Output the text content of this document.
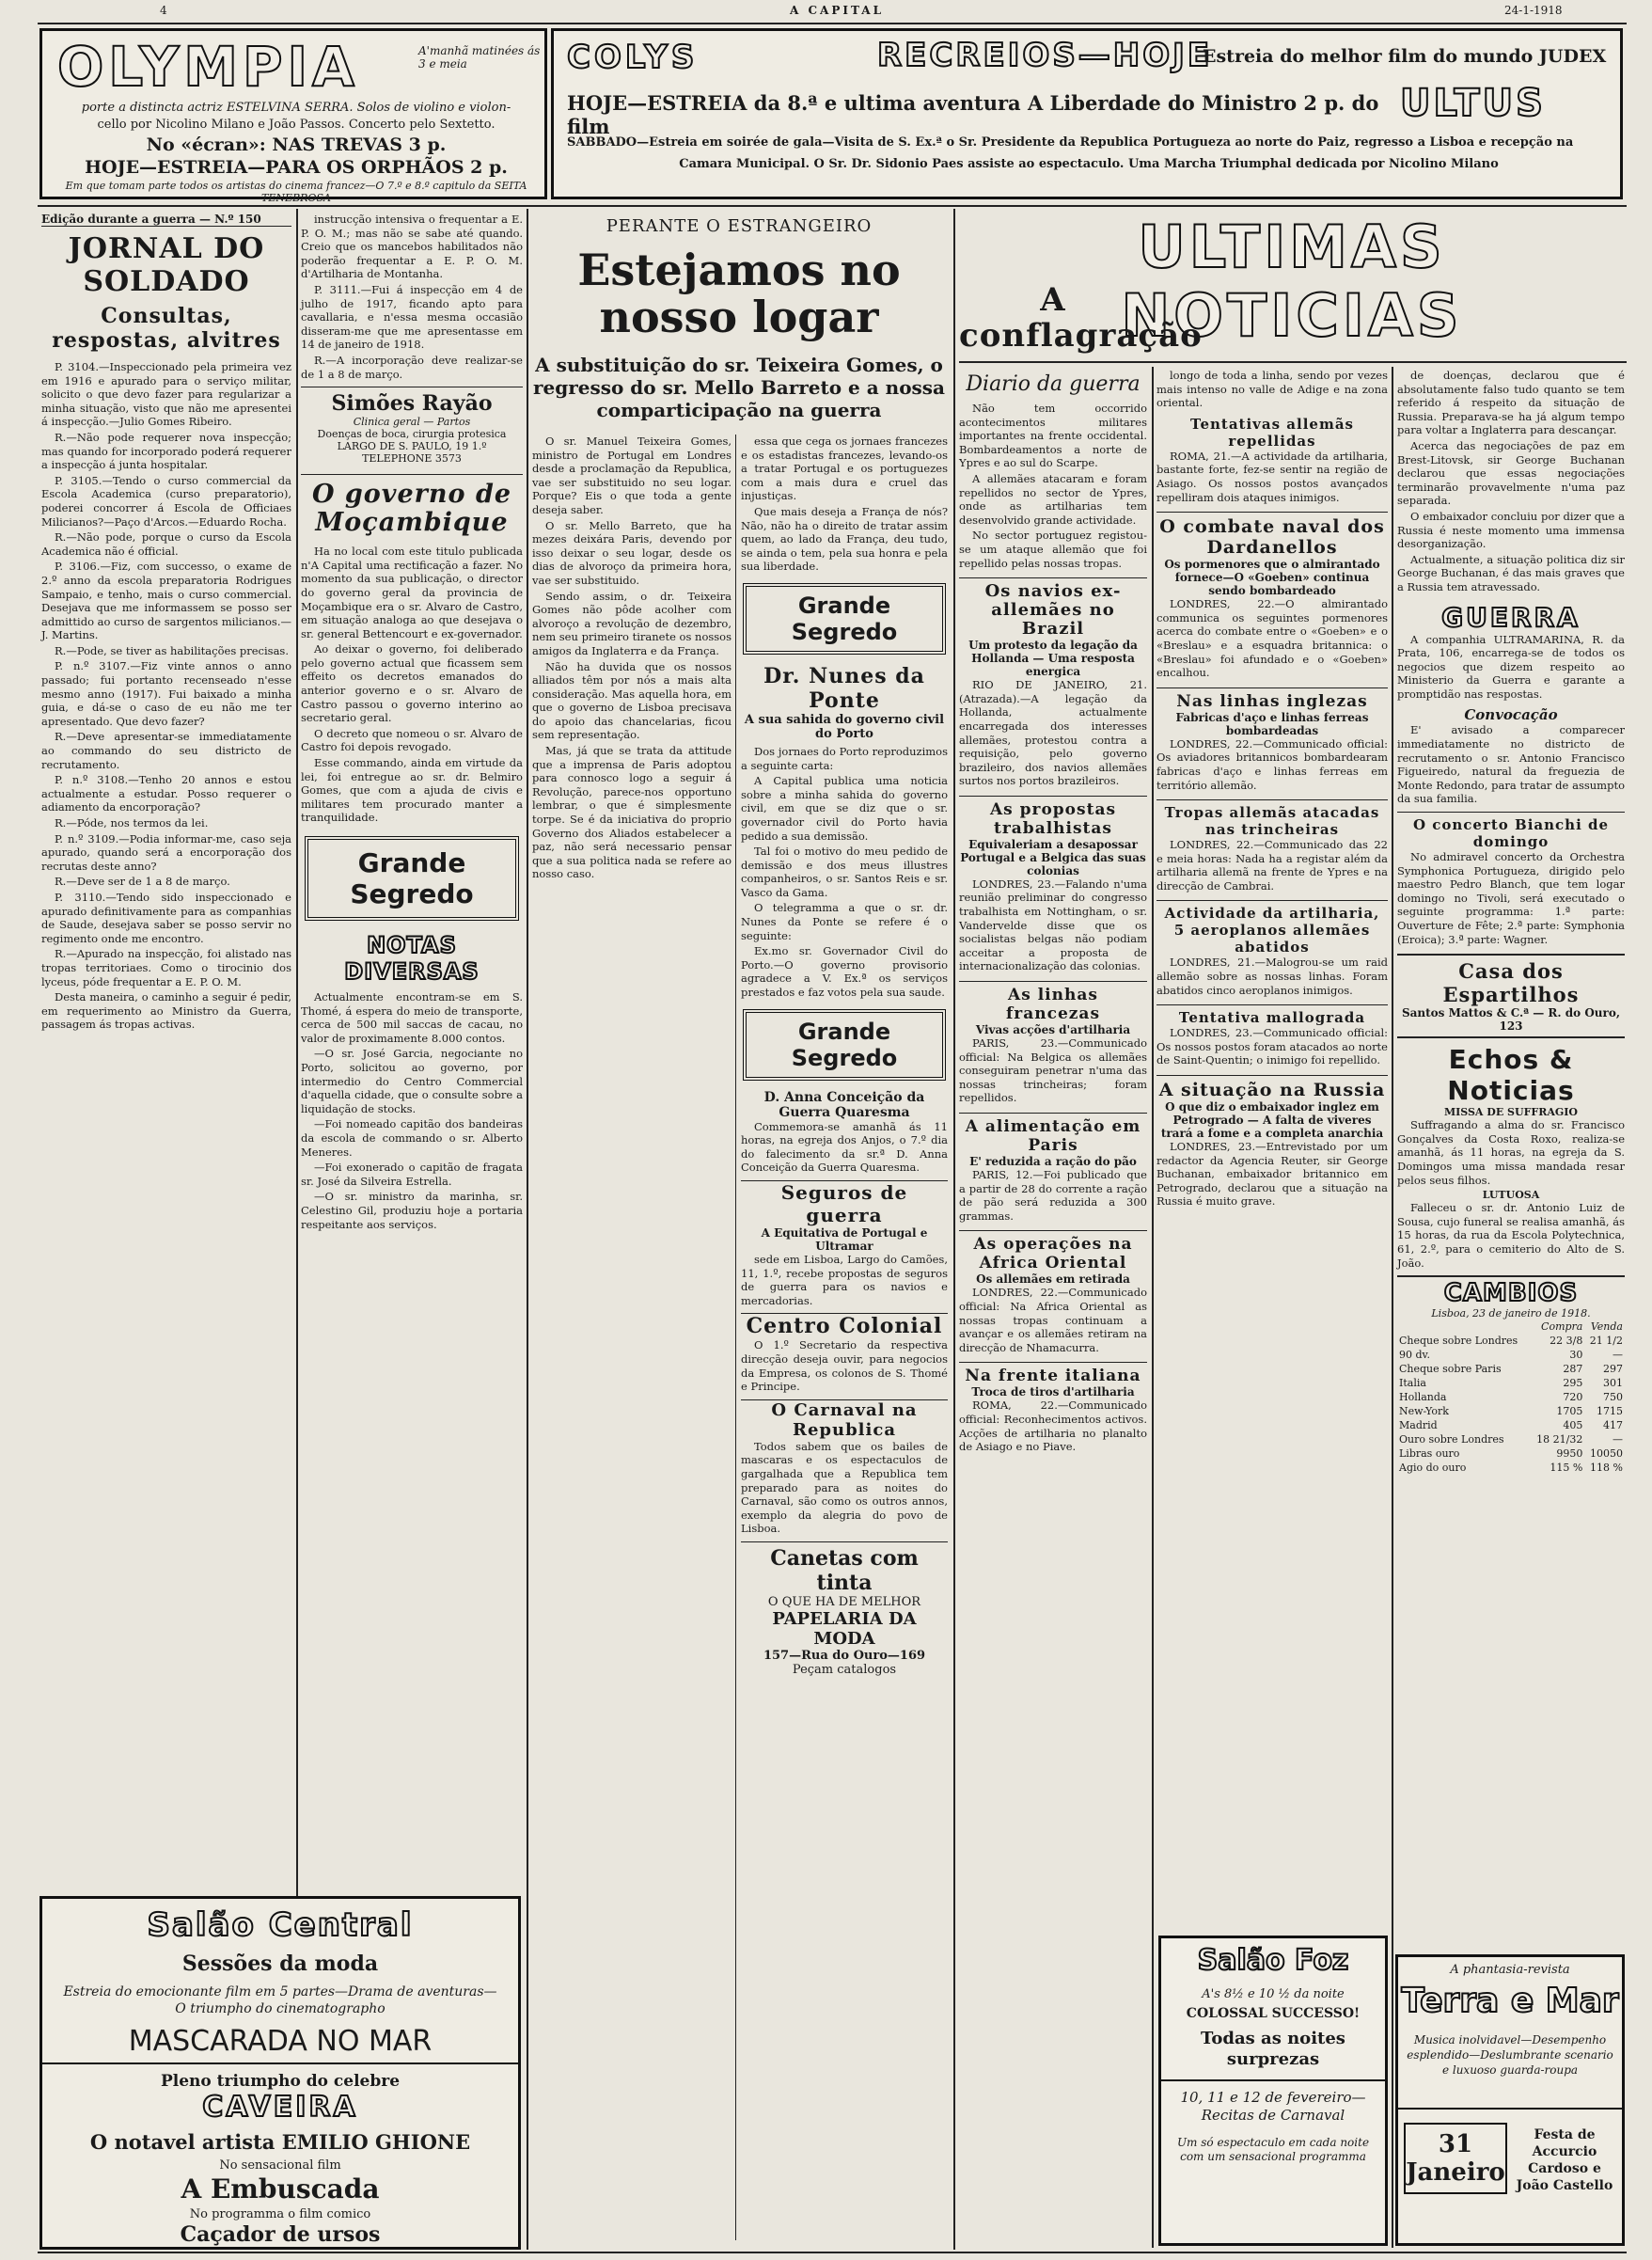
4	A CAPITAL	24-1-1918
OLYMPIA	A'manhã matinées ás 3 e meia
porte a distincta actriz ESTELVINA SERRA. Solos de violino e violon-
cello por Nicolino Milano e João Passos. Concerto pelo Sextetto.
No «écran»: NAS TREVAS 3 p.
HOJE—ESTREIA—PARA OS ORPHÃOS 2 p.
Em que tomam parte todos os artistas do cinema francez—O 7.º e 8.º capitulo da SEITA TENEBROSA
COLYS	RECREIOS—HOJE
Estreia do melhor film do mundo JUDEX
HOJE—ESTREIA da 8.ª e ultima aventura A Liberdade do Ministro 2 p. do film
ULTUS
SABBADO—Estreia em soirée de gala—Visita de S. Ex.ª o Sr. Presidente da Republica Portugueza ao norte do Paiz, regresso a Lisboa e recepção na
Camara Municipal. O Sr. Dr. Sidonio Paes assiste ao espectaculo. Uma Marcha Triumphal dedicada por Nicolino Milano
Edição durante a guerra — N.º 150
JORNAL DO SOLDADO
Consultas, respostas, alvitres

P. 3104.—Inspeccionado pela primeira vez em 1916 e apurado para o serviço militar, solicito o que devo fazer para regularizar a minha situação, visto que não me apresentei á inspecção.—Julio Gomes Ribeiro.

R.—Não pode requerer nova inspecção; mas quando for incorporado poderá requerer a inspecção á junta hospitalar.

P. 3105.—Tendo o curso commercial da Escola Academica (curso preparatorio), poderei concorrer á Escola de Officiaes Milicianos?—Paço d'Arcos.—Eduardo Rocha.

R.—Não pode, porque o curso da Escola Academica não é official.

P. 3106.—Fiz, com successo, o exame de 2.º anno da escola preparatoria Rodrigues Sampaio, e tenho, mais o curso commercial. Desejava que me informassem se posso ser admittido ao curso de sargentos milicianos.—J. Martins.

R.—Pode, se tiver as habilitações precisas.

P. n.º 3107.—Fiz vinte annos o anno passado; fui portanto recenseado n'esse mesmo anno (1917). Fui baixado a minha guia, e dá-se o caso de eu não me ter apresentado. Que devo fazer?

R.—Deve apresentar-se immediatamente ao commando do seu districto de recrutamento.

P. n.º 3108.—Tenho 20 annos e estou actualmente a estudar. Posso requerer o adiamento da encorporação?

R.—Póde, nos termos da lei.

P. n.º 3109.—Podia informar-me, caso seja apurado, quando será a encorporação dos recrutas deste anno?

R.—Deve ser de 1 a 8 de março.

P. 3110.—Tendo sido inspeccionado e apurado definitivamente para as companhias de Saude, desejava saber se posso servir no regimento onde me encontro.

R.—Apurado na inspecção, foi alistado nas tropas territoriaes. Como o tirocinio dos lyceus, póde frequentar a E. P. O. M.

Desta maneira, o caminho a seguir é pedir, em requerimento ao Ministro da Guerra, passagem ás tropas activas.

Salão Central
Sessões da moda
Estreia do emocionante film em 5 partes—Drama de aventuras—O triumpho do cinematographo
MASCARADA NO MAR
Pleno triumpho do celebre
CAVEIRA
O notavel artista EMILIO GHIONE
No sensacional film
A Embuscada
No programma o film comico
Caçador de ursos

instrucção intensiva o frequentar a E. P. O. M.; mas não se sabe até quando. Creio que os mancebos habilitados não poderão frequentar a E. P. O. M. d'Artilharia de Montanha.

P. 3111.—Fui á inspecção em 4 de julho de 1917, ficando apto para cavallaria, e n'essa mesma occasião disseram-me que me apresentasse em 14 de janeiro de 1918.

R.—A incorporação deve realizar-se de 1 a 8 de março.

Simões Rayão
Clinica geral — Partos
Doenças de boca, cirurgia protesica
LARGO DE S. PAULO, 19 1.º
TELEPHONE 3573
O governo de Moçambique

Ha no local com este titulo publicada n'A Capital uma rectificação a fazer. No momento da sua publicação, o director do governo geral da provincia de Moçambique era o sr. Alvaro de Castro, em situação analoga ao que desejava o sr. general Bettencourt e ex-governador.

Ao deixar o governo, foi deliberado pelo governo actual que ficassem sem effeito os decretos emanados do anterior governo e o sr. Alvaro de Castro passou o governo interino ao secretario geral.

O decreto que nomeou o sr. Alvaro de Castro foi depois revogado.

Esse commando, ainda em virtude da lei, foi entregue ao sr. dr. Belmiro Gomes, que com a ajuda de civis e militares tem procurado manter a tranquilidade.

Grande Segredo
NOTAS DIVERSAS

Actualmente encontram-se em S. Thomé, á espera do meio de transporte, cerca de 500 mil saccas de cacau, no valor de proximamente 8.000 contos.

—O sr. José Garcia, negociante no Porto, solicitou ao governo, por intermedio do Centro Commercial d'aquella cidade, que o consulte sobre a liquidação de stocks.

—Foi nomeado capitão dos bandeiras da escola de commando o sr. Alberto Meneres.

—Foi exonerado o capitão de fragata sr. José da Silveira Estrella.

—O sr. ministro da marinha, sr. Celestino Gil, produziu hoje a portaria respeitante aos serviços.

PERANTE O ESTRANGEIRO
Estejamos no nosso logar
A substituição do sr. Teixeira Gomes, o regresso do sr. Mello Barreto e a nossa comparticipação na guerra

O sr. Manuel Teixeira Gomes, ministro de Portugal em Londres desde a proclamação da Republica, vae ser substituido no seu logar. Porque? Eis o que toda a gente deseja saber.

O sr. Mello Barreto, que ha mezes deixára Paris, devendo por isso deixar o seu logar, desde os dias de alvoroço da primeira hora, vae ser substituido.

Sendo assim, o dr. Teixeira Gomes não pôde acolher com alvoroço a revolução de dezembro, nem seu primeiro tiranete os nossos amigos da Inglaterra e da França.

Não ha duvida que os nossos alliados têm por nós a mais alta consideração. Mas aquella hora, em que o governo de Lisboa precisava do apoio das chancelarias, ficou sem representação.

Mas, já que se trata da attitude que a imprensa de Paris adoptou para connosco logo a seguir á Revolução, parece-nos opportuno lembrar, o que é simplesmente torpe. Se é da iniciativa do proprio Governo dos Aliados estabelecer a paz, não será necessario pensar que a sua politica nada se refere ao nosso caso.

essa que cega os jornaes francezes e os estadistas francezes, levando-os a tratar Portugal e os portuguezes com a mais dura e cruel das injustiças.

Que mais deseja a França de nós? Não, não ha o direito de tratar assim quem, ao lado da França, deu tudo, se ainda o tem, pela sua honra e pela sua liberdade.

Grande Segredo
Dr. Nunes da Ponte
A sua sahida do governo civil do Porto

Dos jornaes do Porto reproduzimos a seguinte carta:

A Capital publica uma noticia sobre a minha sahida do governo civil, em que se diz que o sr. governador civil do Porto havia pedido a sua demissão.

Tal foi o motivo do meu pedido de demissão e dos meus illustres companheiros, o sr. Santos Reis e sr. Vasco da Gama.

O telegramma a que o sr. dr. Nunes da Ponte se refere é o seguinte:

Ex.mo sr. Governador Civil do Porto.—O governo provisorio agradece a V. Ex.ª os serviços prestados e faz votos pela sua saude.

Grande Segredo
D. Anna Conceição da Guerra Quaresma

Commemora-se amanhã ás 11 horas, na egreja dos Anjos, o 7.º dia do falecimento da sr.ª D. Anna Conceição da Guerra Quaresma.

Seguros de guerra
A Equitativa de Portugal e Ultramar

sede em Lisboa, Largo do Camões, 11, 1.º, recebe propostas de seguros de guerra para os navios e mercadorias.

Centro Colonial

O 1.º Secretario da respectiva direcção deseja ouvir, para negocios da Empresa, os colonos de S. Thomé e Principe.

O Carnaval na Republica

Todos sabem que os bailes de mascaras e os espectaculos de gargalhada que a Republica tem preparado para as noites do Carnaval, são como os outros annos, exemplo da alegria do povo de Lisboa.

Canetas com tinta
O QUE HA DE MELHOR
PAPELARIA DA MODA
157—Rua do Ouro—169
Peçam catalogos
ULTIMAS NOTICIAS
A conflagração
Diario da guerra

Não tem occorrido acontecimentos militares importantes na frente occidental. Bombardeamentos a norte de Ypres e ao sul do Scarpe.

A allemães atacaram e foram repellidos no sector de Ypres, onde as artilharias tem desenvolvido grande actividade.

No sector portuguez registou-se um ataque allemão que foi repellido pelas nossas tropas.

Os navios ex-allemães no Brazil
Um protesto da legação da Hollanda — Uma resposta energica

RIO DE JANEIRO, 21. (Atrazada).—A legação da Hollanda, actualmente encarregada dos interesses allemães, protestou contra a requisição, pelo governo brazileiro, dos navios allemães surtos nos portos brazileiros.

As propostas trabalhistas
Equivaleriam a desapossar Portugal e a Belgica das suas colonias

LONDRES, 23.—Falando n'uma reunião preliminar do congresso trabalhista em Nottingham, o sr. Vandervelde disse que os socialistas belgas não podiam acceitar a proposta de internacionalização das colonias.

As linhas francezas
Vivas acções d'artilharia

PARIS, 23.—Communicado official: Na Belgica os allemães conseguiram penetrar n'uma das nossas trincheiras; foram repellidos.

A alimentação em Paris
E' reduzida a ração do pão

PARIS, 12.—Foi publicado que a partir de 28 do corrente a ração de pão será reduzida a 300 grammas.

As operações na Africa Oriental
Os allemães em retirada

LONDRES, 22.—Communicado official: Na Africa Oriental as nossas tropas continuam a avançar e os allemães retiram na direcção de Nhamacurra.

Na frente italiana
Troca de tiros d'artilharia

ROMA, 22.—Communicado official: Reconhecimentos activos. Acções de artilharia no planalto de Asiago e no Piave.

longo de toda a linha, sendo por vezes mais intenso no valle de Adige e na zona oriental.

Tentativas allemãs repellidas

ROMA, 21.—A actividade da artilharia, bastante forte, fez-se sentir na região de Asiago. Os nossos postos avançados repelliram dois ataques inimigos.

O combate naval dos Dardanellos
Os pormenores que o almirantado fornece—O «Goeben» continua sendo bombardeado

LONDRES, 22.—O almirantado communica os seguintes pormenores acerca do combate entre o «Goeben» e o «Breslau» e a esquadra britannica: o «Breslau» foi afundado e o «Goeben» encalhou.

Nas linhas inglezas
Fabricas d'aço e linhas ferreas bombardeadas

LONDRES, 22.—Communicado official: Os aviadores britannicos bombardearam fabricas d'aço e linhas ferreas em território allemão.

Tropas allemãs atacadas nas trincheiras

LONDRES, 22.—Communicado das 22 e meia horas: Nada ha a registar além da artilharia allemã na frente de Ypres e na direcção de Cambrai.

Actividade da artilharia, 5 aeroplanos allemães abatidos

LONDRES, 21.—Malogrou-se um raid allemão sobre as nossas linhas. Foram abatidos cinco aeroplanos inimigos.

Tentativa mallograda

LONDRES, 23.—Communicado official: Os nossos postos foram atacados ao norte de Saint-Quentin; o inimigo foi repellido.

A situação na Russia
O que diz o embaixador inglez em Petrogrado — A falta de viveres trará a fome e a completa anarchia

LONDRES, 23.—Entrevistado por um redactor da Agencia Reuter, sir George Buchanan, embaixador britannico em Petrogrado, declarou que a situação na Russia é muito grave.

Salão Foz
A's 8½ e 10 ½ da noite
COLOSSAL SUCCESSO!
Todas as noites surprezas
10, 11 e 12 de fevereiro—Recitas de Carnaval
Um só espectaculo em cada noite com um sensacional programma

de doenças, declarou que é absolutamente falso tudo quanto se tem referido á respeito da situação de Russia. Preparava-se ha já algum tempo para voltar a Inglaterra para descançar.

Acerca das negociações de paz em Brest-Litovsk, sir George Buchanan declarou que essas negociações terminarão provavelmente n'uma paz separada.

O embaixador concluiu por dizer que a Russia é neste momento uma immensa desorganização.

Actualmente, a situação politica diz sir George Buchanan, é das mais graves que a Russia tem atravessado.

GUERRA

A companhia ULTRAMARINA, R. da Prata, 106, encarrega-se de todos os negocios que dizem respeito ao Ministerio da Guerra e garante a promptidão nas respostas.

Convocação

E' avisado a comparecer immediatamente no districto de recrutamento o sr. Antonio Francisco Figueiredo, natural da freguezia de Monte Redondo, para tratar de assumpto da sua familia.

O concerto Bianchi de domingo

No admiravel concerto da Orchestra Symphonica Portugueza, dirigido pelo maestro Pedro Blanch, que tem logar domingo no Tivoli, será executado o seguinte programma: 1.ª parte: Ouverture de Fête; 2.ª parte: Symphonia (Eroica); 3.ª parte: Wagner.

Casa dos Espartilhos
Santos Mattos & C.ª — R. do Ouro, 123
Echos & Noticias
MISSA DE SUFFRAGIO

Suffragando a alma do sr. Francisco Gonçalves da Costa Roxo, realiza-se amanhã, ás 11 horas, na egreja da S. Domingos uma missa mandada resar pelos seus filhos.

LUTUOSA

Falleceu o sr. dr. Antonio Luiz de Sousa, cujo funeral se realisa amanhã, ás 15 horas, da rua da Escola Polytechnica, 61, 2.º, para o cemiterio do Alto de S. João.

CAMBIOS
Lisboa, 23 de janeiro de 1918.
	Compra	Venda
Cheque sobre Londres	22 3/8	21 1/2
90 dv.	30	—
Cheque sobre Paris	287	297
Italia	295	301
Hollanda	720	750
New-York	1705	1715
Madrid	405	417
Ouro sobre Londres	18 21/32	—
Libras ouro	9950	10050
Agio do ouro	115 %	118 %
A phantasia-revista
Terra e Mar
Musica inolvidavel—Desempenho esplendido—Deslumbrante scenario e luxuoso guarda-roupa
31 Janeiro
Festa de Accurcio Cardoso e João Castello
